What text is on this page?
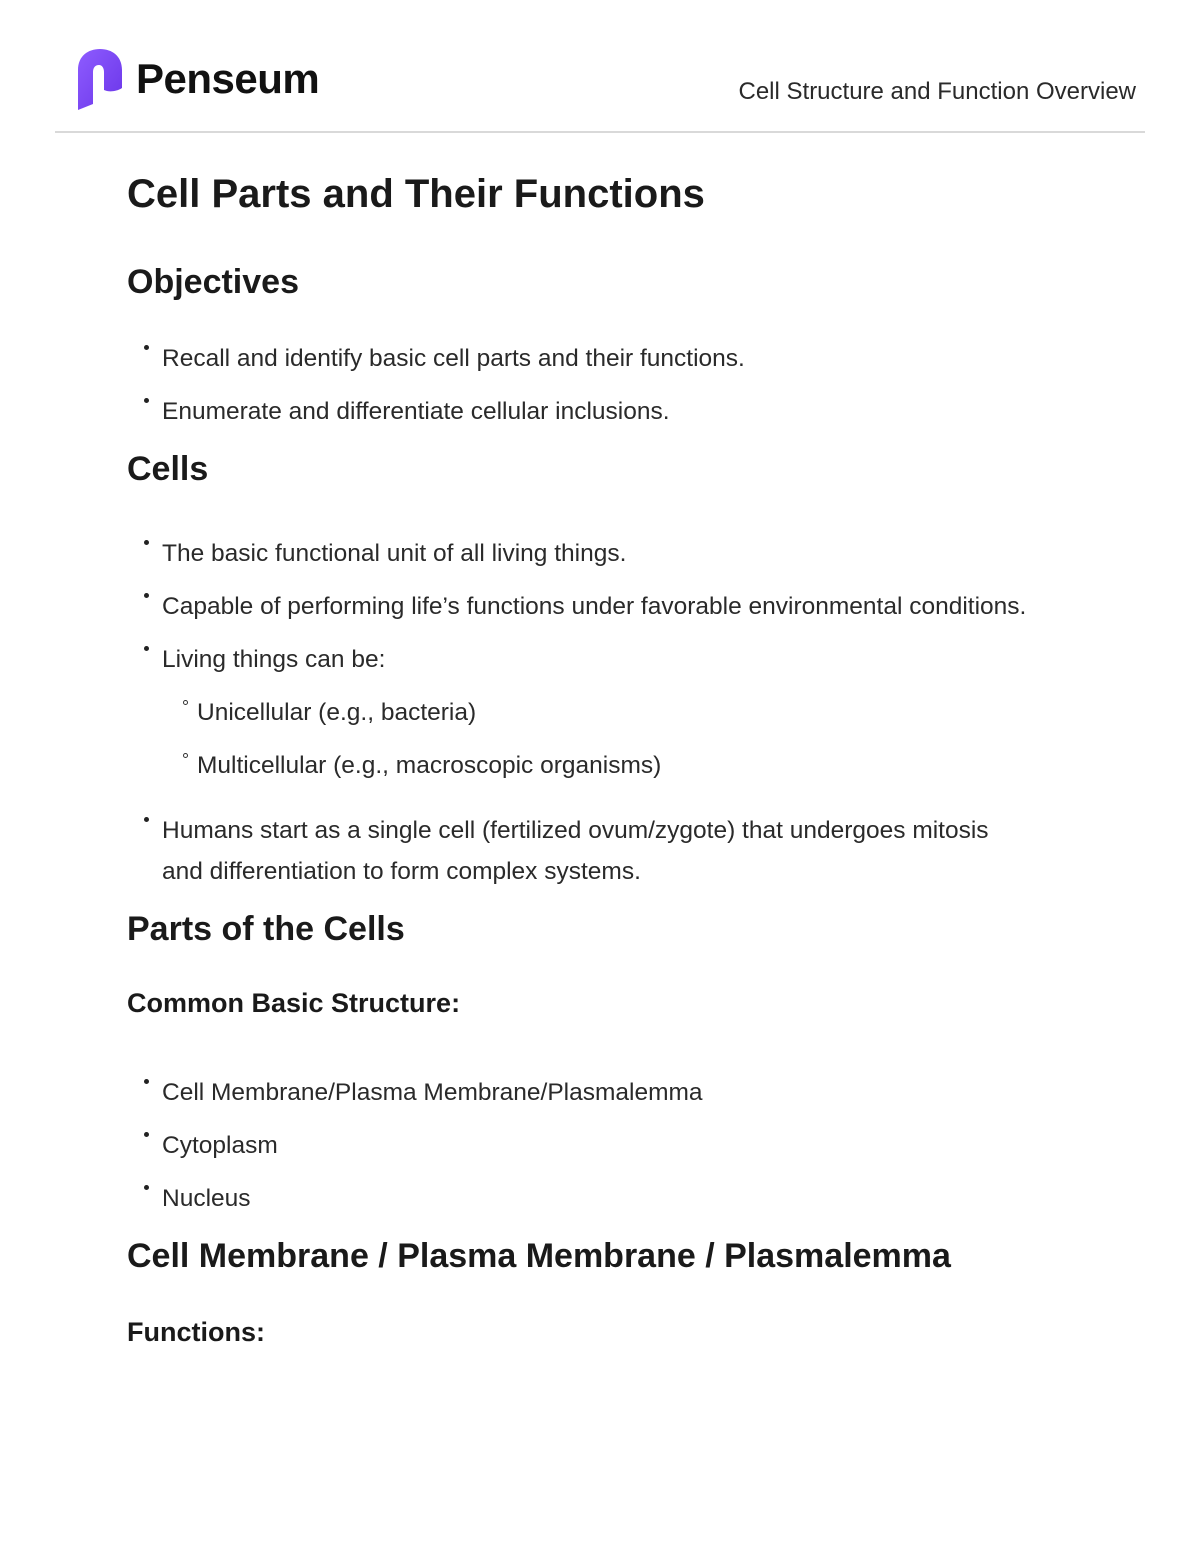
Penseum	Cell Structure and Function Overview
Cell Parts and Their Functions
Objectives
Recall and identify basic cell parts and their functions.
Enumerate and differentiate cellular inclusions.
Cells
The basic functional unit of all living things.
Capable of performing life’s functions under favorable environmental conditions.
Living things can be:
Unicellular (e.g., bacteria)
Multicellular (e.g., macroscopic organisms)
Humans start as a single cell (fertilized ovum/zygote) that undergoes mitosis and differentiation to form complex systems.
Parts of the Cells
Common Basic Structure:
Cell Membrane/Plasma Membrane/Plasmalemma
Cytoplasm
Nucleus
Cell Membrane / Plasma Membrane / Plasmalemma
Functions:
